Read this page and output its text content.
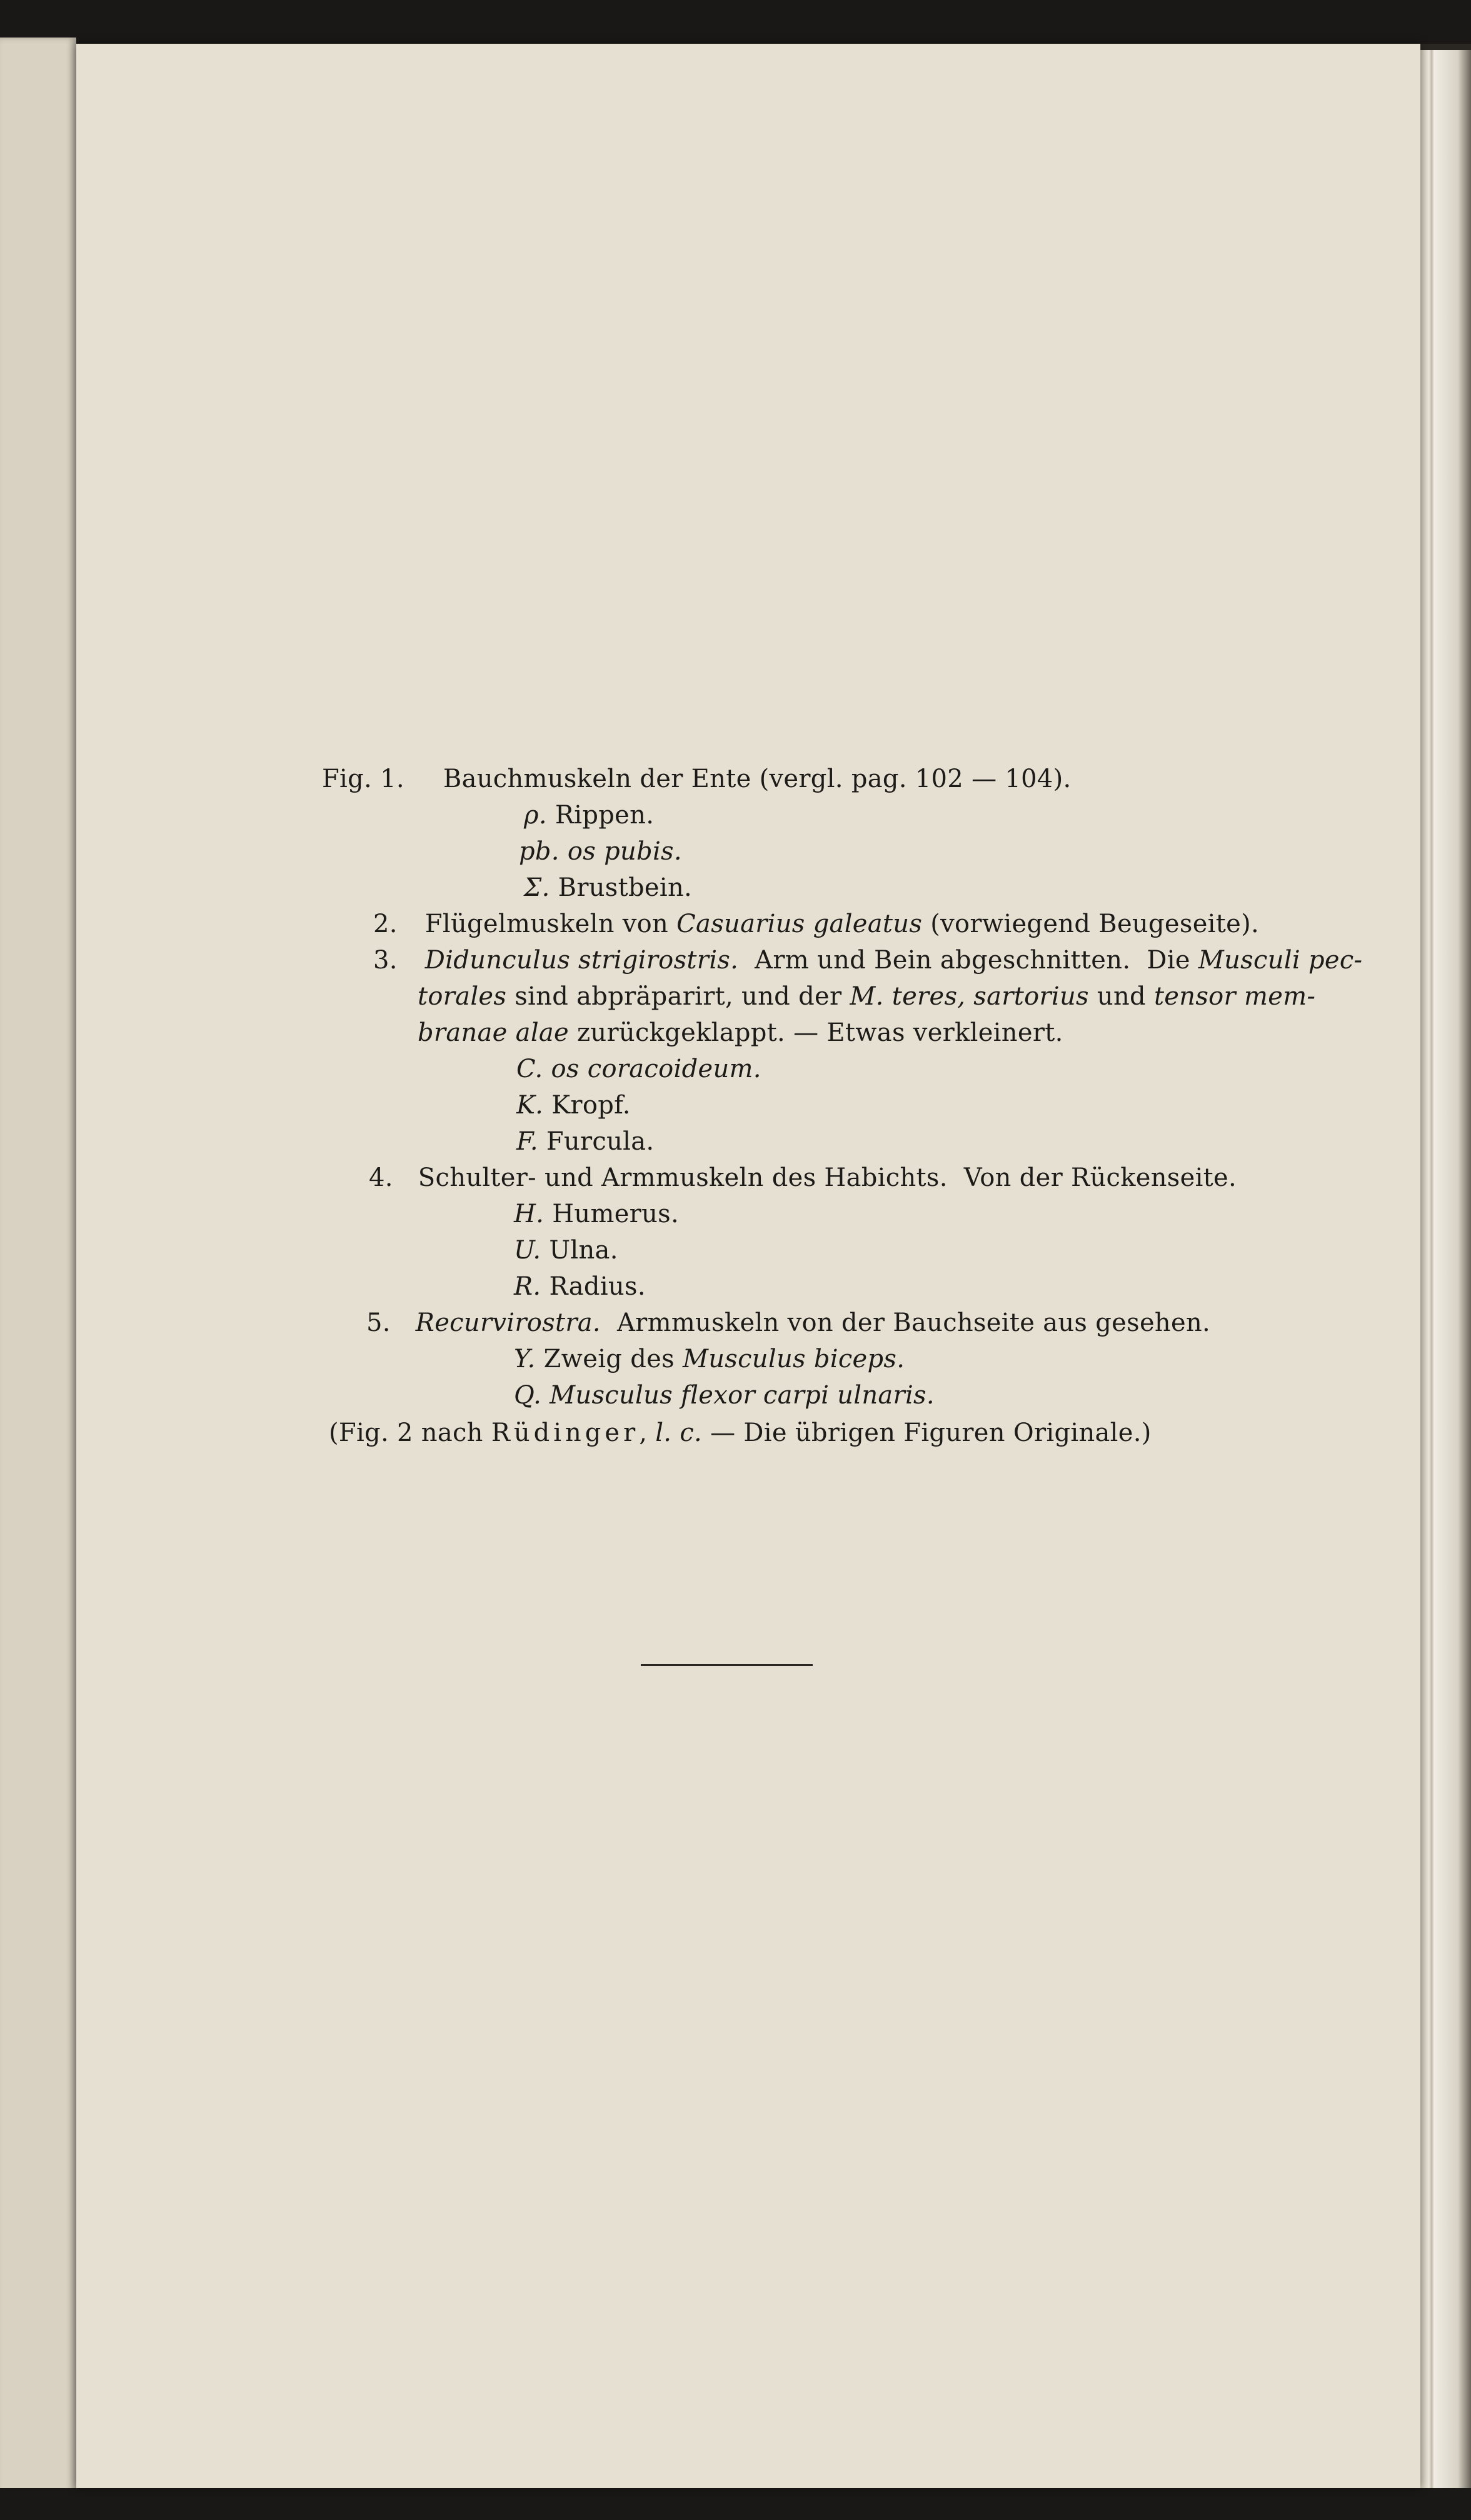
Fig. 1. Bauchmuskeln der Ente (vergl. pag. 102 — 104).
ρ. Rippen.
pb. os pubis.
Σ. Brustbein.
2. Flügelmuskeln von Casuarius galeatus (vorwiegend Beugeseite).
3. Didunculus strigirostris.  Arm und Bein abgeschnitten.  Die Musculi pec-
torales sind abpräparirt, und der M. teres, sartorius und tensor mem-
branae alae zurückgeklappt. — Etwas verkleinert.
C. os coracoideum.
K. Kropf.
F. Furcula.
4. Schulter- und Armmuskeln des Habichts.  Von der Rückenseite.
H. Humerus.
U. Ulna.
R. Radius.
5. Recurvirostra.  Armmuskeln von der Bauchseite aus gesehen.
Y. Zweig des Musculus biceps.
Q. Musculus flexor carpi ulnaris.
(Fig. 2 nach Rüdinger, l. c. — Die übrigen Figuren Originale.)
